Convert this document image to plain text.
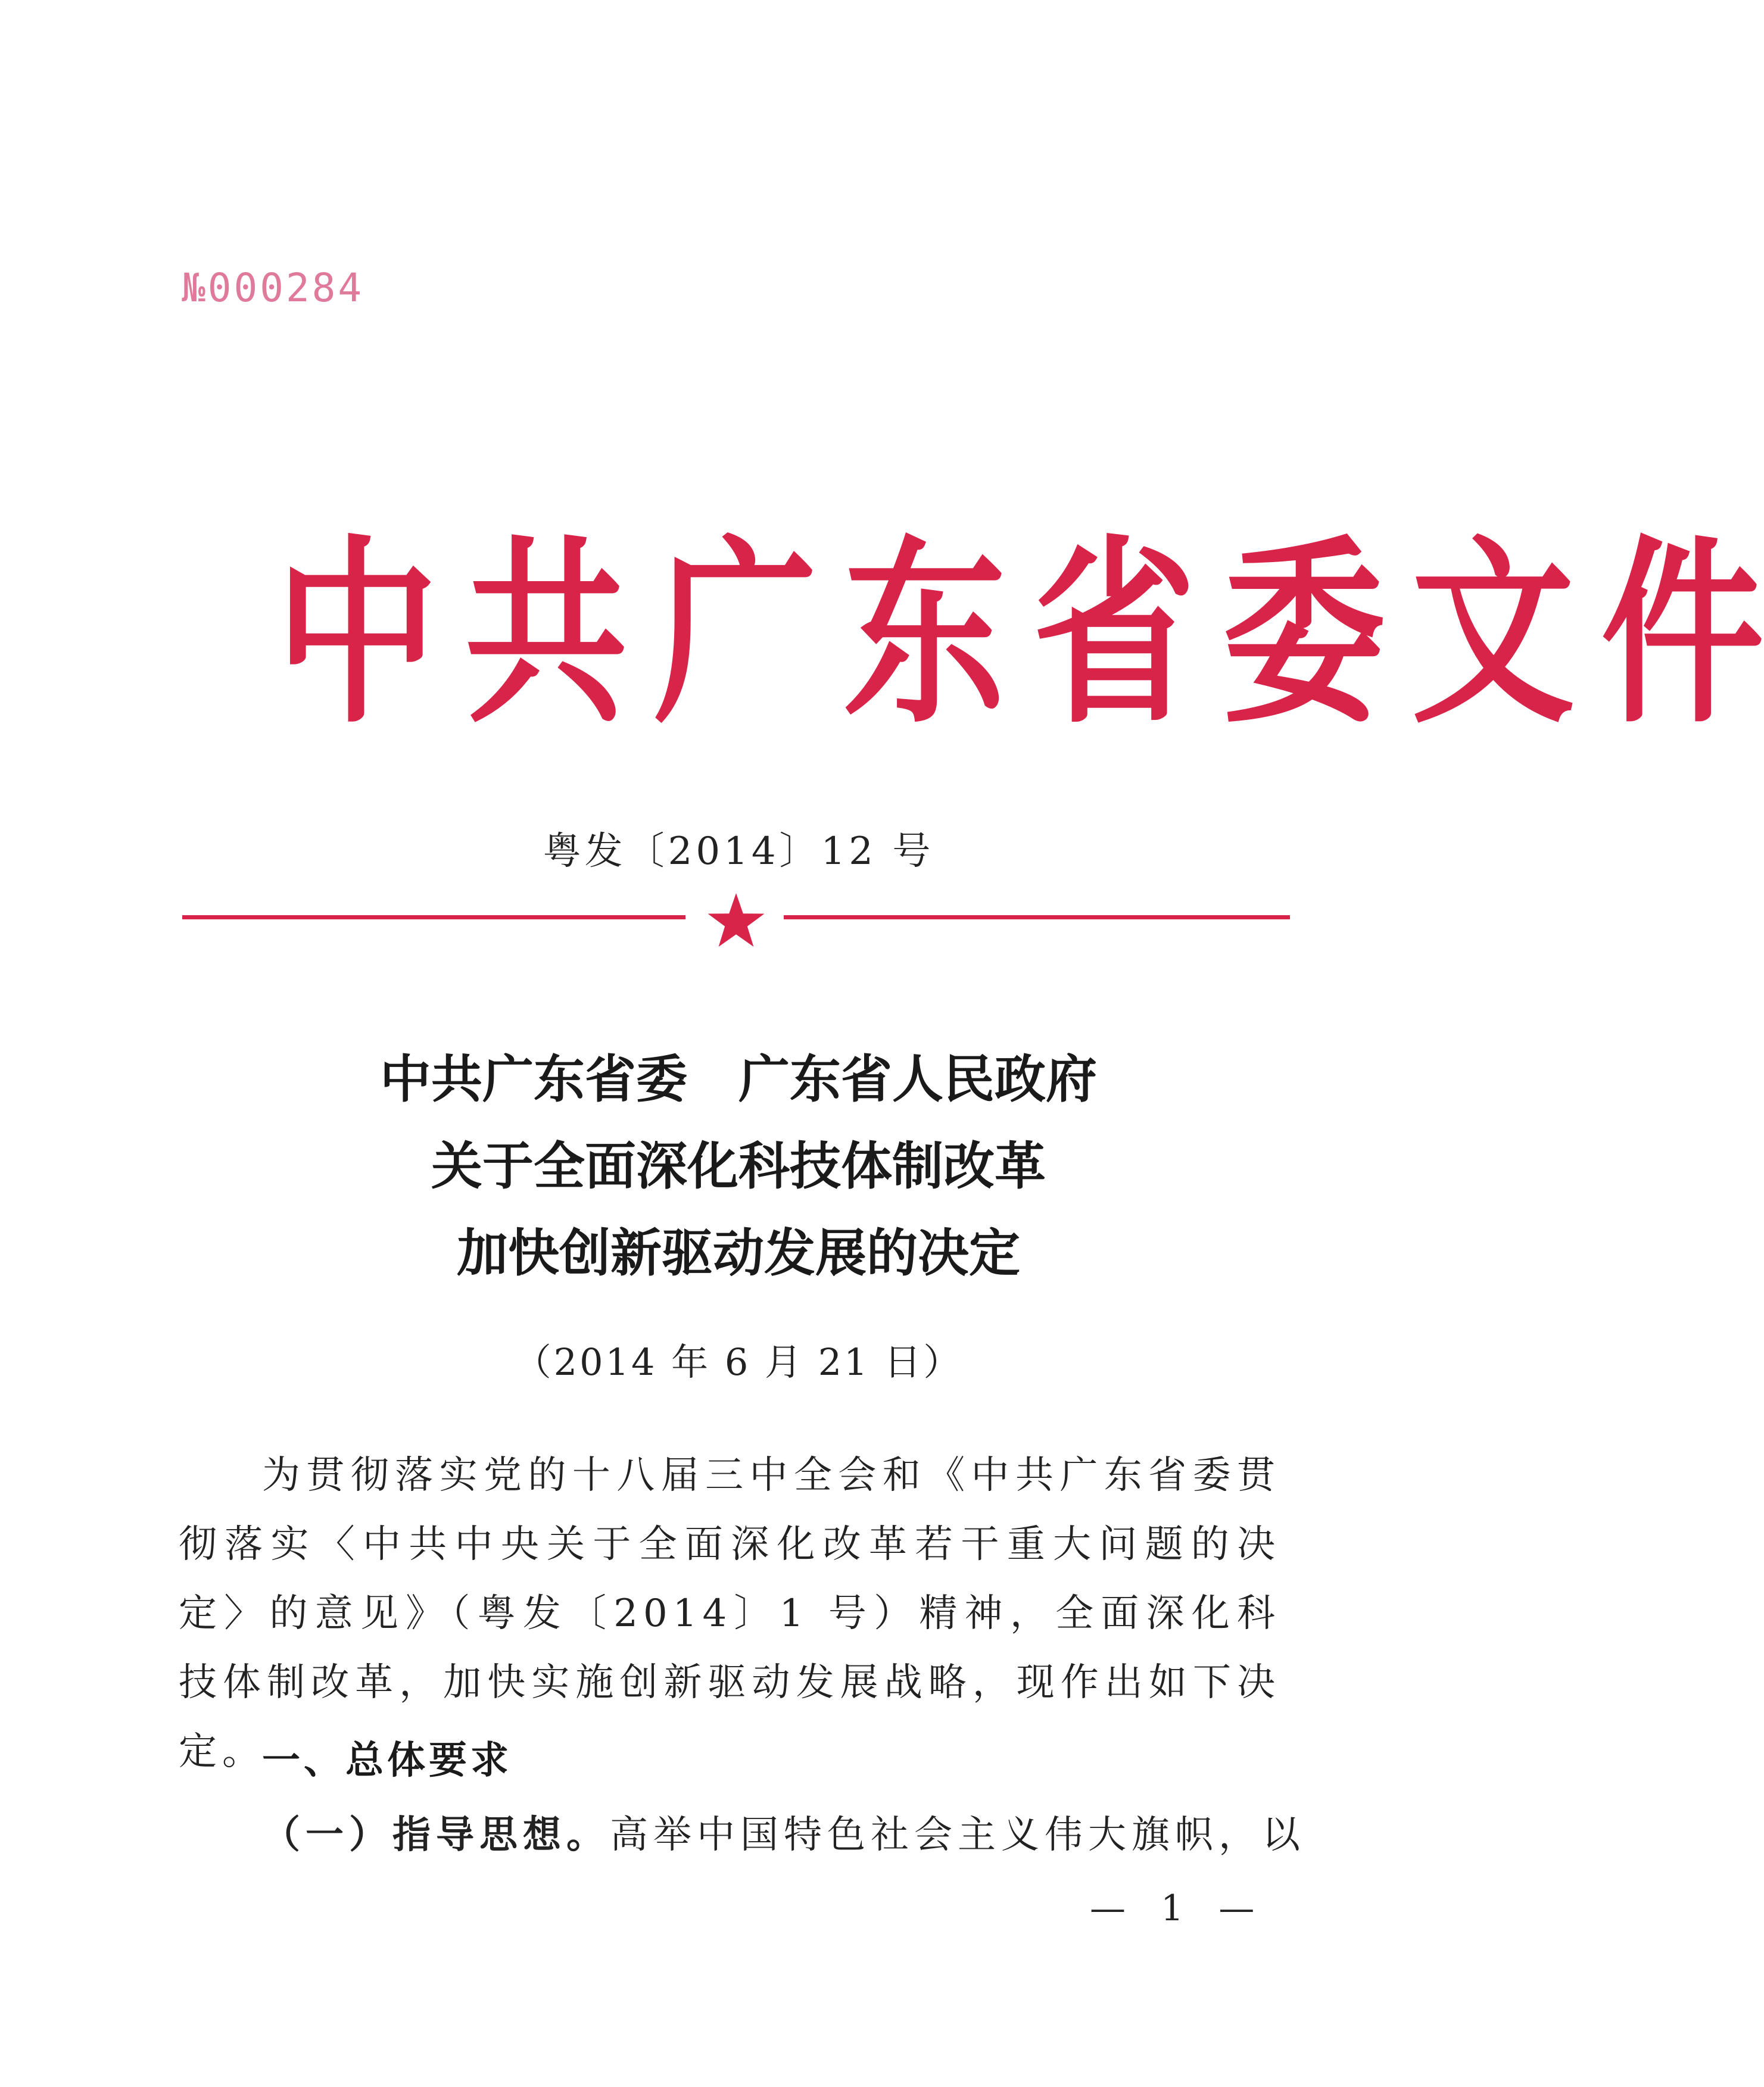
№000284
中 共 广 东 省 委 文 件
粤发〔2014〕12 号
中共广东省委　广东省人民政府
关于全面深化科技体制改革
加快创新驱动发展的决定
（2014 年 6 月 21 日）

为贯彻落实党的十八届三中全会和《中共广东省委贯彻落实〈中共中央关于全面深化改革若干重大问题的决定〉的意见》（粤发〔2014〕1 号）精神，全面深化科技体制改革，加快实施创新驱动发展战略，现作出如下决定。

一、总体要求
（一）指导思想。高举中国特色社会主义伟大旗帜，以
— 1 —
